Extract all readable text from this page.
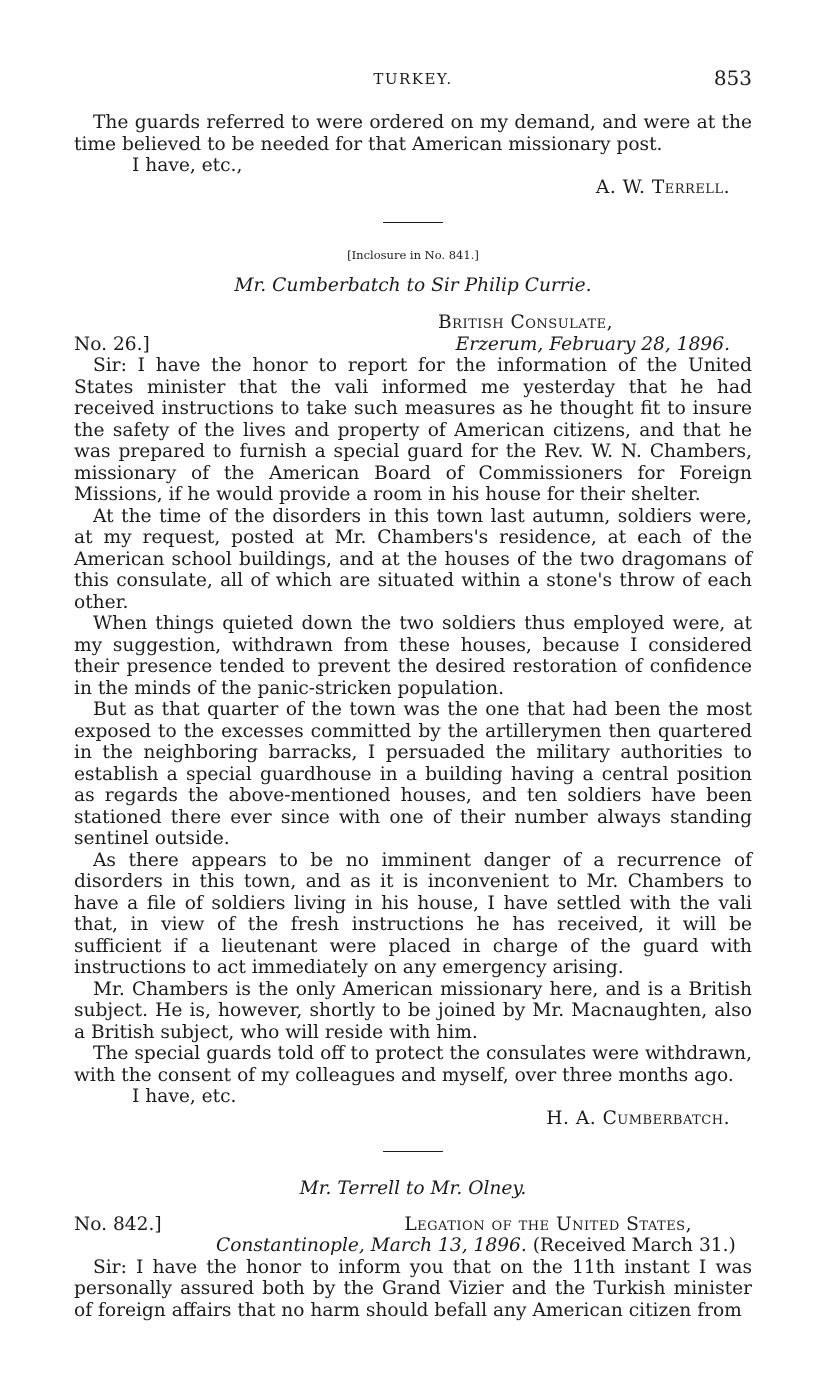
TURKEY.	853

The guards referred to were ordered on my demand, and were at the time believed to be needed for that American missionary post.

I have, etc.,
A. W. Terrell.
[Inclosure in No. 841.]
Mr. Cumberbatch to Sir Philip Currie.
British Consulate,
No. 26.]	Erzerum, February 28, 1896.

Sir: I have the honor to report for the information of the United States minister that the vali informed me yesterday that he had received instructions to take such measures as he thought fit to insure the safety of the lives and property of American citizens, and that he was prepared to furnish a special guard for the Rev. W. N. Chambers, missionary of the American Board of Commissioners for Foreign Missions, if he would provide a room in his house for their shelter.

At the time of the disorders in this town last autumn, soldiers were, at my request, posted at Mr. Chambers's residence, at each of the American school buildings, and at the houses of the two dragomans of this consulate, all of which are situated within a stone's throw of each other.

When things quieted down the two soldiers thus employed were, at my suggestion, withdrawn from these houses, because I considered their presence tended to prevent the desired restoration of confidence in the minds of the panic-stricken population.

But as that quarter of the town was the one that had been the most exposed to the excesses committed by the artillerymen then quartered in the neighboring barracks, I persuaded the military authorities to establish a special guardhouse in a building having a central position as regards the above-mentioned houses, and ten soldiers have been stationed there ever since with one of their number always standing sentinel outside.

As there appears to be no imminent danger of a recurrence of disorders in this town, and as it is inconvenient to Mr. Chambers to have a file of soldiers living in his house, I have settled with the vali that, in view of the fresh instructions he has received, it will be sufficient if a lieutenant were placed in charge of the guard with instructions to act immediately on any emergency arising.

Mr. Chambers is the only American missionary here, and is a British subject. He is, however, shortly to be joined by Mr. Macnaughten, also a British subject, who will reside with him.

The special guards told off to protect the consulates were withdrawn, with the consent of my colleagues and myself, over three months ago.

I have, etc.
H. A. Cumberbatch.
Mr. Terrell to Mr. Olney.
No. 842.]	Legation of the United States,
Constantinople, March 13, 1896. (Received March 31.)

Sir: I have the honor to inform you that on the 11th instant I was personally assured both by the Grand Vizier and the Turkish minister of foreign affairs that no harm should befall any American citizen from
